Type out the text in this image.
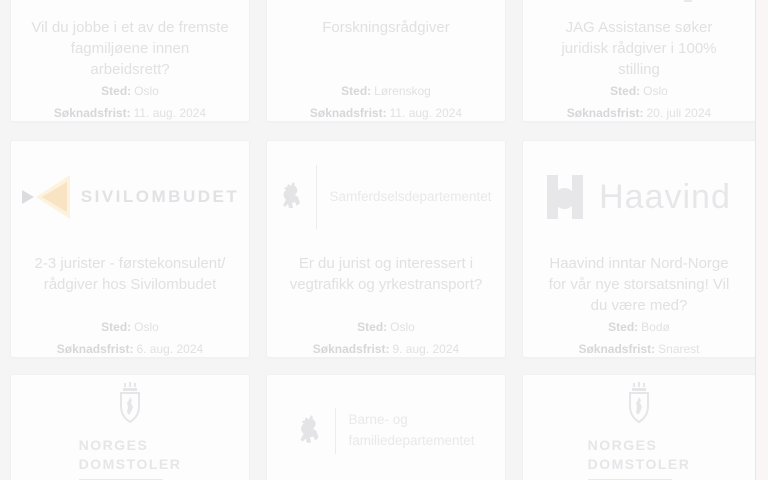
Vil du jobbe i et av de fremste fagmiljøene innen arbeidsrett?

Sted: Oslo

Søknadsfrist: 11. aug. 2024

Forskningsrådgiver

Sted: Lørenskog

Søknadsfrist: 11. aug. 2024

JAG Assistanse søker juridisk rådgiver i 100% stilling

Sted: Oslo

Søknadsfrist: 20. juli 2024

SIVILOMBUDET
2-3 jurister - førstekonsulent/ rådgiver hos Sivilombudet

Sted: Oslo

Søknadsfrist: 6. aug. 2024

Samferdselsdepartementet
Er du jurist og interessert i vegtrafikk og yrkestransport?

Sted: Oslo

Søknadsfrist: 9. aug. 2024

Haavind
Haavind inntar Nord-Norge for vår nye storsatsning! Vil du være med?

Sted: Bodø

Søknadsfrist: Snarest

NORGES
DOMSTOLER
Barne- og
familiedepartementet	NORGES
DOMSTOLER
